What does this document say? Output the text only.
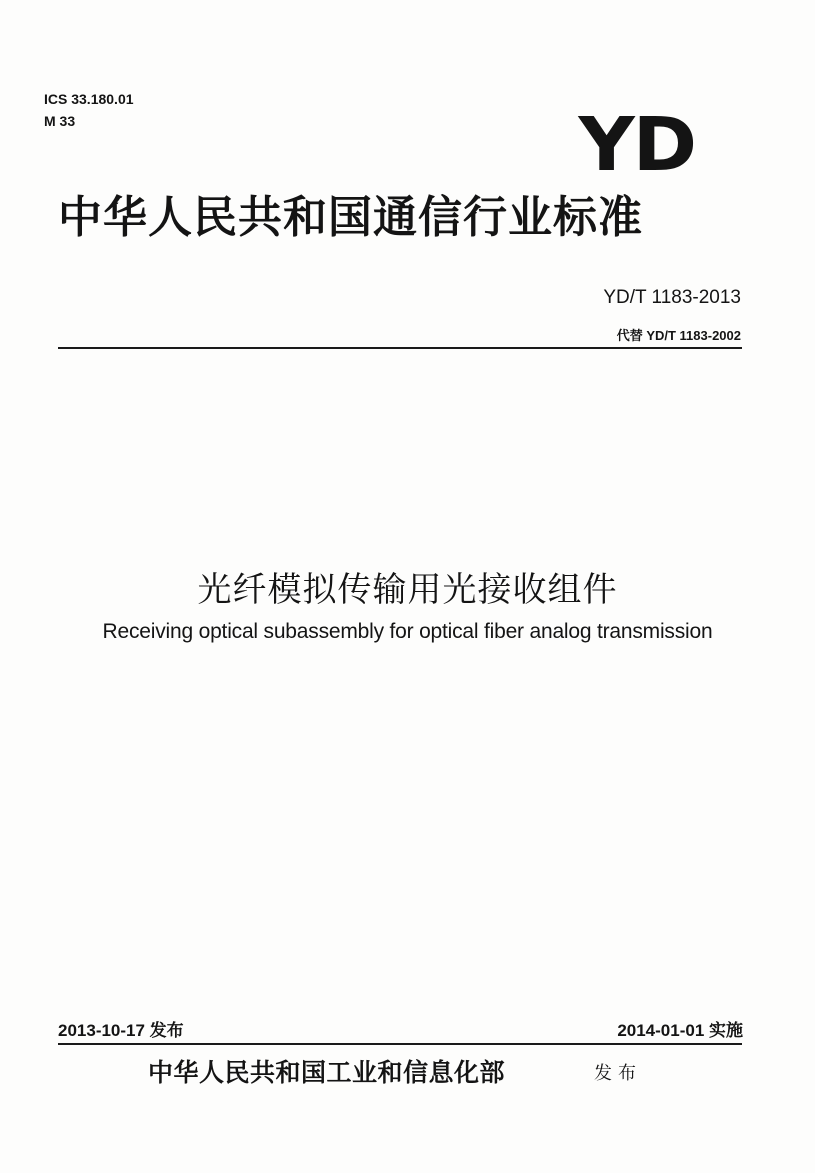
ICS 33.180.01
M 33	YD
中华人民共和国通信行业标准
YD/T 1183-2013
代替 YD/T 1183-2002
光纤模拟传输用光接收组件
Receiving optical subassembly for optical fiber analog transmission
2013-10-17 发布	2014-01-01 实施
中华人民共和国工业和信息化部	发布
